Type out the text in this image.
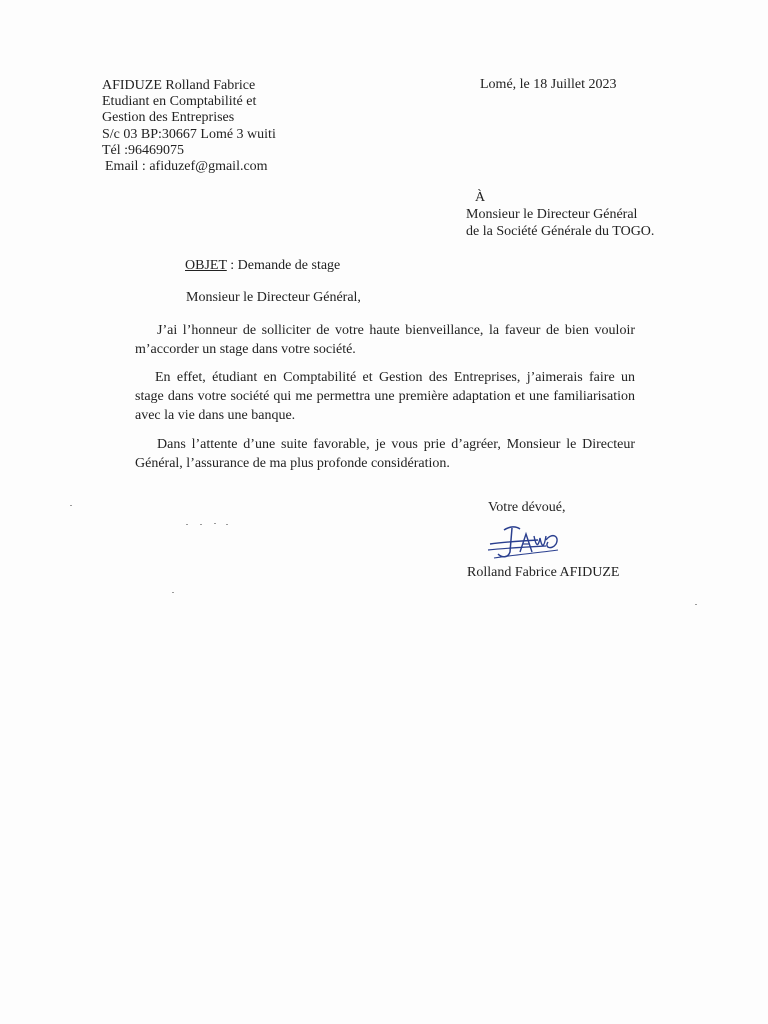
AFIDUZE Rolland Fabrice
Etudiant en Comptabilité et
Gestion des Entreprises
S/c 03 BP:30667 Lomé 3 wuiti
Tél :96469075
Email : afiduzef@gmail.com
Lomé, le 18 Juillet 2023
À
Monsieur le Directeur Général
de la Société Générale du TOGO.
OBJET : Demande de stage
Monsieur le Directeur Général,
J’ai l’honneur de solliciter de votre haute bienveillance, la faveur de bien vouloir m’accorder un stage dans votre société.
En effet, étudiant en Comptabilité et Gestion des Entreprises, j’aimerais faire un stage dans votre société qui me permettra une première adaptation et une familiarisation avec la vie dans une banque.
Dans l’attente d’une suite favorable, je vous prie d’agréer, Monsieur le Directeur Général, l’assurance de ma plus profonde considération.
Votre dévoué,
Rolland Fabrice AFIDUZE
